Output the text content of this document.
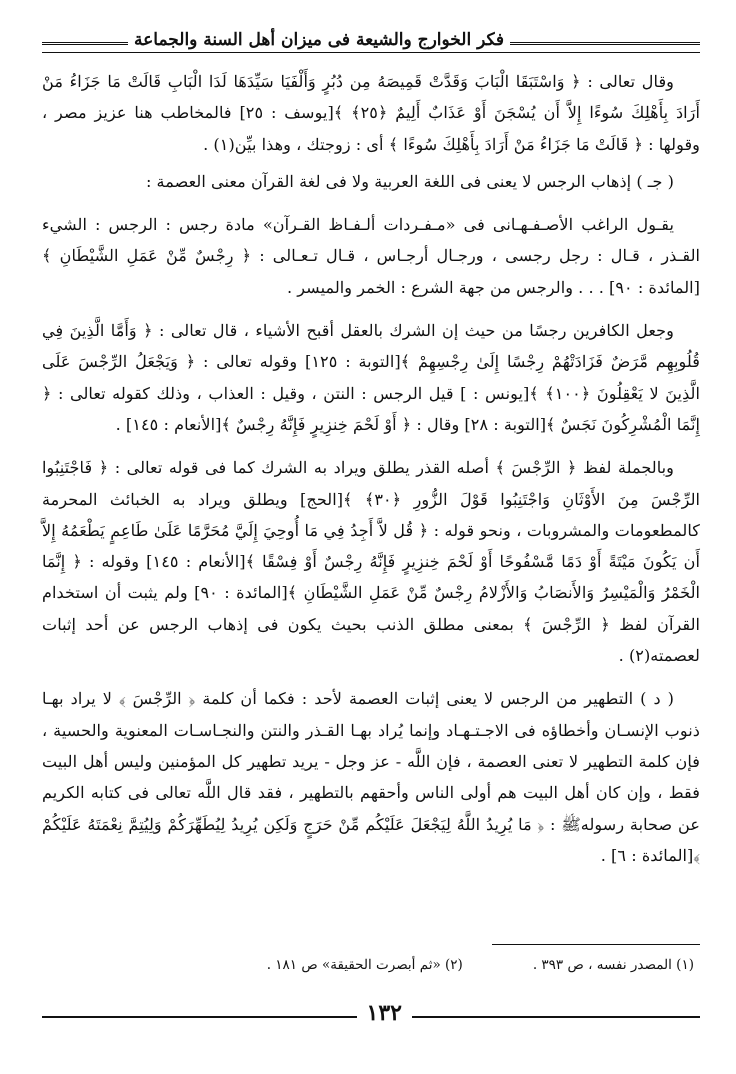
فكر الخوارج والشيعة فى ميزان أهل السنة والجماعة

وقال تعالى : ﴿ وَاسْتَبَقَا الْبَابَ وَقَدَّتْ قَمِيصَهُ مِن دُبُرٍ وَأَلْفَيَا سَيِّدَهَا لَدَا الْبَابِ قَالَتْ مَا جَزَاءُ مَنْ أَرَادَ بِأَهْلِكَ سُوءًا إِلاَّ أَن يُسْجَنَ أَوْ عَذَابٌ أَلِيمٌ ﴿٢٥﴾ ﴾[يوسف : ٢٥] فالمخاطب هنا عزيز مصر ، وقولها : ﴿ قَالَتْ مَا جَزَاءُ مَنْ أَرَادَ بِأَهْلِكَ سُوءًا ﴾ أى : زوجتك ، وهذا بيِّن(١) .

( جـ ) إذهاب الرجس لا يعنى فى اللغة العربية ولا فى لغة القرآن معنى العصمة :

يقـول الراغب الأصـفـهـانى فى «مـفـردات ألـفـاظ القـرآن» مادة رجس : الرجس : الشيء القـذر ، قـال : رجل رجسى ، ورجـال أرجـاس ، قـال تـعـالى : ﴿ رِجْسٌ مِّنْ عَمَلِ الشَّيْطَانِ ﴾ [المائدة : ٩٠] . . . والرجس من جهة الشرع : الخمر والميسر .

وجعل الكافرين رجسًا من حيث إن الشرك بالعقل أقبح الأشياء ، قال تعالى : ﴿ وَأَمَّا الَّذِينَ فِي قُلُوبِهِم مَّرَضٌ فَزَادَتْهُمْ رِجْسًا إِلَىٰ رِجْسِهِمْ ﴾[التوبة : ١٢٥] وقوله تعالى : ﴿ وَيَجْعَلُ الرِّجْسَ عَلَى الَّذِينَ لا يَعْقِلُونَ ﴿١٠٠﴾ ﴾[يونس : ] قيل الرجس : النتن ، وقيل : العذاب ، وذلك كقوله تعالى : ﴿ إِنَّمَا الْمُشْرِكُونَ نَجَسٌ ﴾[التوبة : ٢٨] وقال : ﴿ أَوْ لَحْمَ خِنزِيرٍ فَإِنَّهُ رِجْسٌ ﴾[الأنعام : ١٤٥] .

وبالجملة لفظ ﴿ الرِّجْسَ ﴾ أصله القذر يطلق ويراد به الشرك كما فى قوله تعالى : ﴿ فَاجْتَنِبُوا الرِّجْسَ مِنَ الأَوْثَانِ وَاجْتَنِبُوا قَوْلَ الزُّورِ ﴿٣٠﴾ ﴾[الحج] ويطلق ويراد به الخبائث المحرمة كالمطعومات والمشروبات ، ونحو قوله : ﴿ قُل لاَّ أَجِدُ فِي مَا أُوحِيَ إِلَيَّ مُحَرَّمًا عَلَىٰ طَاعِمٍ يَطْعَمُهُ إِلاَّ أَن يَكُونَ مَيْتَةً أَوْ دَمًا مَّسْفُوحًا أَوْ لَحْمَ خِنزِيرٍ فَإِنَّهُ رِجْسٌ أَوْ فِسْقًا ﴾[الأنعام : ١٤٥] وقوله : ﴿ إِنَّمَا الْخَمْرُ وَالْمَيْسِرُ وَالأَنصَابُ وَالأَزْلامُ رِجْسٌ مِّنْ عَمَلِ الشَّيْطَانِ ﴾[المائدة : ٩٠] ولم يثبت أن استخدام القرآن لفظ ﴿ الرِّجْسَ ﴾ بمعنى مطلق الذنب بحيث يكون فى إذهاب الرجس عن أحد إثبات لعصمته(٢) .

( د ) التطهير من الرجس لا يعنى إثبات العصمة لأحد : فكما أن كلمة ﴿ الرِّجْسَ ﴾ لا يراد بهـا ذنوب الإنسـان وأخطاؤه فى الاجـتـهـاد وإنما يُراد بهـا القـذر والنتن والنجـاسـات المعنوية والحسية ، فإن كلمة التطهير لا تعنى العصمة ، فإن اللَّه - عز وجل - يريد تطهير كل المؤمنين وليس أهل البيت فقط ، وإن كان أهل البيت هم أولى الناس وأحقهم بالتطهير ، فقد قال اللَّه تعالى فى كتابه الكريم عن صحابة رسولهﷺ : ﴿ مَا يُرِيدُ اللَّهُ لِيَجْعَلَ عَلَيْكُم مِّنْ حَرَجٍ وَلَكِن يُرِيدُ لِيُطَهِّرَكُمْ وَلِيُتِمَّ نِعْمَتَهُ عَلَيْكُمْ ﴾[المائدة : ٦] .

(١) المصدر نفسه ، ص ٣٩٣ .
(٢) «ثم أبصرت الحقيقة» ص ١٨١ .
١٣٢
